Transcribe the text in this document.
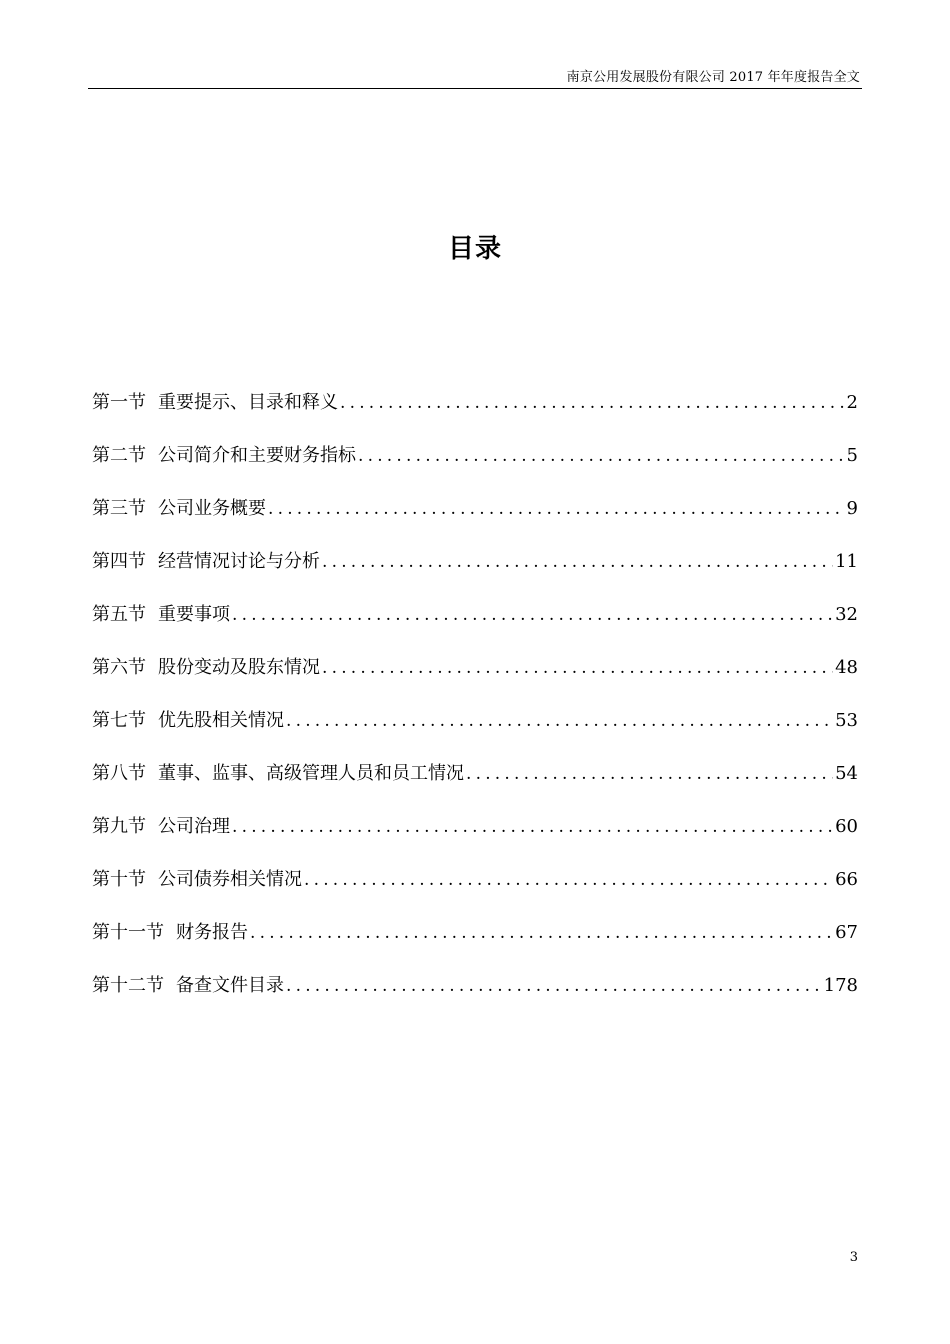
南京公用发展股份有限公司 2017 年年度报告全文
目录
第一节 重要提示、目录和释义 .....	2
第二节 公司简介和主要财务指标 .....	5
第三节 公司业务概要 .....	9
第四节 经营情况讨论与分析 .....	11
第五节 重要事项 .....	32
第六节 股份变动及股东情况 .....	48
第七节 优先股相关情况 .....	53
第八节 董事、监事、高级管理人员和员工情况 .....	54
第九节 公司治理 .....	60
第十节 公司债券相关情况 .....	66
第十一节 财务报告 .....	67
第十二节 备查文件目录 .....	178
3
